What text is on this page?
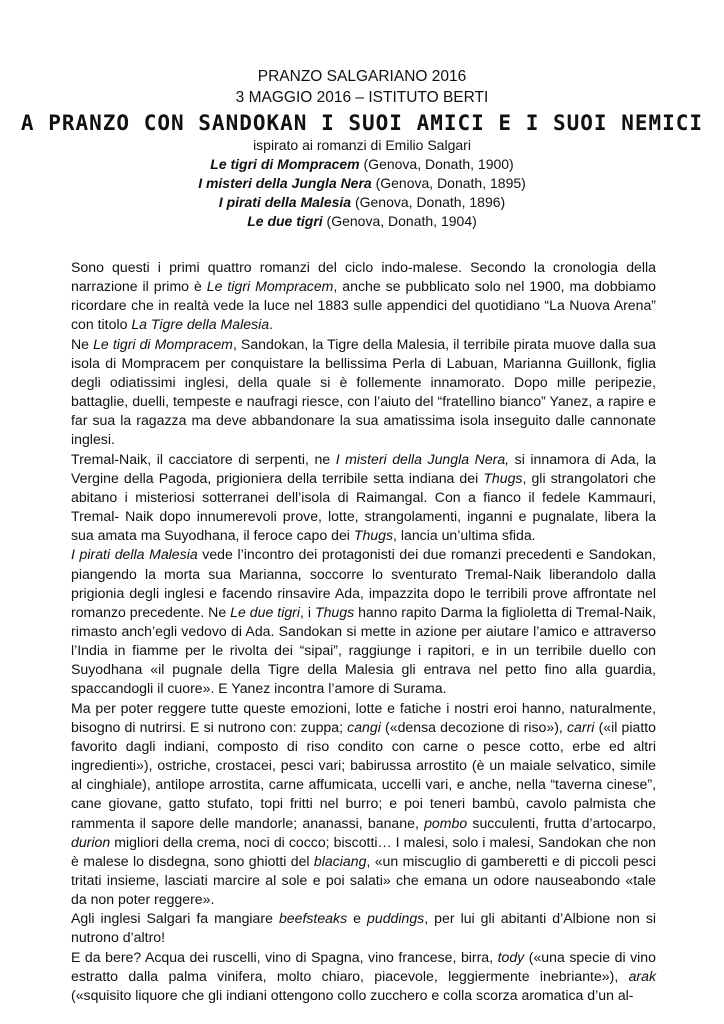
PRANZO SALGARIANO 2016
3 MAGGIO 2016 – ISTITUTO BERTI
A PRANZO CON SANDOKAN I SUOI AMICI E I SUOI NEMICI
ispirato ai romanzi di Emilio Salgari
Le tigri di Mompracem (Genova, Donath, 1900)
I misteri della Jungla Nera (Genova, Donath, 1895)
I pirati della Malesia (Genova, Donath, 1896)
Le due tigri (Genova, Donath, 1904)

Sono questi i primi quattro romanzi del ciclo indo-malese. Secondo la cronologia della narrazione il primo è Le tigri Mompracem, anche se pubblicato solo nel 1900, ma dobbiamo ricordare che in realtà vede la luce nel 1883 sulle appendici del quotidiano “La Nuova Arena” con titolo La Tigre della Malesia.

Ne Le tigri di Mompracem, Sandokan, la Tigre della Malesia, il terribile pirata muove dalla sua isola di Mompracem per conquistare la bellissima Perla di Labuan, Marianna Guillonk, figlia degli odiatissimi inglesi, della quale si è follemente innamorato. Dopo mille peripezie, battaglie, duelli, tempeste e naufragi riesce, con l’aiuto del “fratellino bianco” Yanez, a rapire e far sua la ragazza ma deve abbandonare la sua amatissima isola inseguito dalle cannonate inglesi.

Tremal-Naik, il cacciatore di serpenti, ne I misteri della Jungla Nera, si innamora di Ada, la Vergine della Pagoda, prigioniera della terribile setta indiana dei Thugs, gli strangolatori che abitano i misteriosi sotterranei dell’isola di Raimangal. Con a fianco il fedele Kammauri, Tremal- Naik dopo innumerevoli prove, lotte, strangolamenti, inganni e pugnalate, libera la sua amata ma Suyodhana, il feroce capo dei Thugs, lancia un’ultima sfida.

I pirati della Malesia vede l’incontro dei protagonisti dei due romanzi precedenti e Sandokan, piangendo la morta sua Marianna, soccorre lo sventurato Tremal-Naik liberandolo dalla prigionia degli inglesi e facendo rinsavire Ada, impazzita dopo le terribili prove affrontate nel romanzo precedente. Ne Le due tigri, i Thugs hanno rapito Darma la figlioletta di Tremal-Naik, rimasto anch’egli vedovo di Ada. Sandokan si mette in azione per aiutare l’amico e attraverso l’India in fiamme per le rivolta dei “sipai”, raggiunge i rapitori, e in un terribile duello con Suyodhana «il pugnale della Tigre della Malesia gli entrava nel petto fino alla guardia, spaccandogli il cuore». E Yanez incontra l’amore di Surama.

Ma per poter reggere tutte queste emozioni, lotte e fatiche i nostri eroi hanno, naturalmente, bisogno di nutrirsi. E si nutrono con: zuppa; cangi («densa decozione di riso»), carri («il piatto favorito dagli indiani, composto di riso condito con carne o pesce cotto, erbe ed altri ingredienti»), ostriche, crostacei, pesci vari; babirussa arrostito (è un maiale selvatico, simile al cinghiale), antilope arrostita, carne affumicata, uccelli vari, e anche, nella “taverna cinese”, cane giovane, gatto stufato, topi fritti nel burro; e poi teneri bambù, cavolo palmista che rammenta il sapore delle mandorle; ananassi, banane, pombo succulenti, frutta d’artocarpo, durion migliori della crema, noci di cocco; biscotti… I malesi, solo i malesi, Sandokan che non è malese lo disdegna, sono ghiotti del blaciang, «un miscuglio di gamberetti e di piccoli pesci tritati insieme, lasciati marcire al sole e poi salati» che emana un odore nauseabondo «tale da non poter reggere».

Agli inglesi Salgari fa mangiare beefsteaks e puddings, per lui gli abitanti d’Albione non si nutrono d’altro!

E da bere? Acqua dei ruscelli, vino di Spagna, vino francese, birra, tody («una specie di vino estratto dalla palma vinifera, molto chiaro, piacevole, leggiermente inebriante»), arak («squisito liquore che gli indiani ottengono collo zucchero e colla scorza aromatica d’un al-
